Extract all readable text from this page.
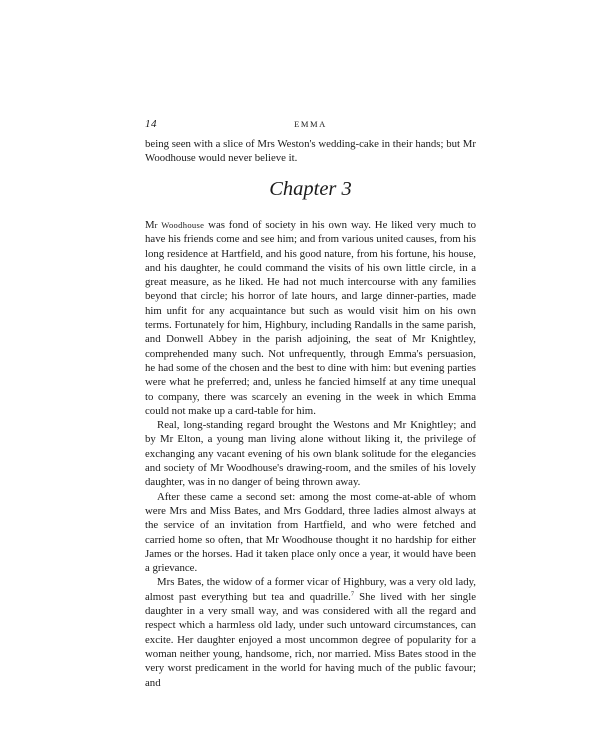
14	EMMA

being seen with a slice of Mrs Weston's wedding-cake in their hands; but Mr Woodhouse would never believe it.

Chapter 3

Mr Woodhouse was fond of society in his own way. He liked very much to have his friends come and see him; and from various united causes, from his long residence at Hartfield, and his good nature, from his fortune, his house, and his daughter, he could command the visits of his own little circle, in a great measure, as he liked. He had not much intercourse with any families beyond that circle; his horror of late hours, and large dinner-parties, made him unfit for any acquaintance but such as would visit him on his own terms. Fortunately for him, Highbury, including Randalls in the same parish, and Donwell Abbey in the parish adjoining, the seat of Mr Knightley, comprehended many such. Not unfrequently, through Emma's persuasion, he had some of the chosen and the best to dine with him: but evening parties were what he preferred; and, unless he fancied himself at any time unequal to company, there was scarcely an evening in the week in which Emma could not make up a card-table for him.

Real, long-standing regard brought the Westons and Mr Knightley; and by Mr Elton, a young man living alone without liking it, the privilege of exchanging any vacant evening of his own blank solitude for the elegancies and society of Mr Woodhouse's drawing-room, and the smiles of his lovely daughter, was in no danger of being thrown away.

After these came a second set: among the most come-at-able of whom were Mrs and Miss Bates, and Mrs Goddard, three ladies almost always at the service of an invitation from Hartfield, and who were fetched and carried home so often, that Mr Woodhouse thought it no hardship for either James or the horses. Had it taken place only once a year, it would have been a grievance.

Mrs Bates, the widow of a former vicar of Highbury, was a very old lady, almost past everything but tea and quadrille.$^7$ She lived with her single daughter in a very small way, and was considered with all the regard and respect which a harmless old lady, under such untoward circumstances, can excite. Her daughter enjoyed a most uncommon degree of popularity for a woman neither young, handsome, rich, nor married. Miss Bates stood in the very worst predicament in the world for having much of the public favour; and
